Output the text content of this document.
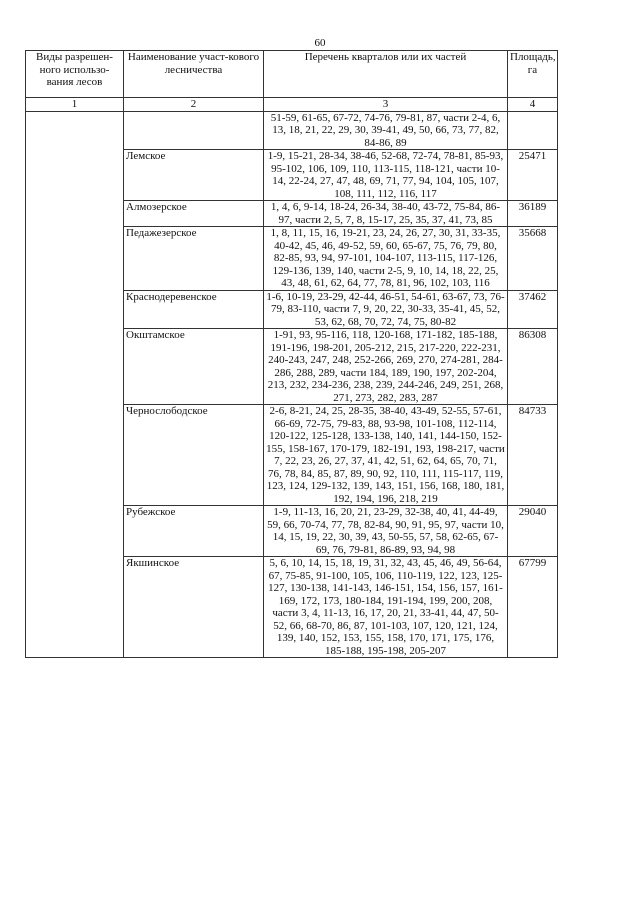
60
Виды разрешен-ного использо-вания лесов	Наименование участ-кового лесничества	Перечень кварталов или их частей	Площадь, га
1	2	3	4
		51-59, 61-65, 67-72, 74-76, 79-81, 87, части 2-4, 6, 13, 18, 21, 22, 29, 30, 39-41, 49, 50, 66, 73, 77, 82, 84-86, 89	
	Лемское	1-9, 15-21, 28-34, 38-46, 52-68, 72-74, 78-81, 85-93, 95-102, 106, 109, 110, 113-115, 118-121, части 10-14, 22-24, 27, 47, 48, 69, 71, 77, 94, 104, 105, 107, 108, 111, 112, 116, 117	25471
	Алмозерское	1, 4, 6, 9-14, 18-24, 26-34, 38-40, 43-72, 75-84, 86-97, части 2, 5, 7, 8, 15-17, 25, 35, 37, 41, 73, 85	36189
	Педажезерское	1, 8, 11, 15, 16, 19-21, 23, 24, 26, 27, 30, 31, 33-35, 40-42, 45, 46, 49-52, 59, 60, 65-67, 75, 76, 79, 80, 82-85, 93, 94, 97-101, 104-107, 113-115, 117-126, 129-136, 139, 140, части 2-5, 9, 10, 14, 18, 22, 25, 43, 48, 61, 62, 64, 77, 78, 81, 96, 102, 103, 116	35668
	Краснодеревенское	1-6, 10-19, 23-29, 42-44, 46-51, 54-61, 63-67, 73, 76-79, 83-110, части 7, 9, 20, 22, 30-33, 35-41, 45, 52, 53, 62, 68, 70, 72, 74, 75, 80-82	37462
	Окштамское	1-91, 93, 95-116, 118, 120-168, 171-182, 185-188, 191-196, 198-201, 205-212, 215, 217-220, 222-231, 240-243, 247, 248, 252-266, 269, 270, 274-281, 284-286, 288, 289, части 184, 189, 190, 197, 202-204, 213, 232, 234-236, 238, 239, 244-246, 249, 251, 268, 271, 273, 282, 283, 287	86308
	Чернослободское	2-6, 8-21, 24, 25, 28-35, 38-40, 43-49, 52-55, 57-61, 66-69, 72-75, 79-83, 88, 93-98, 101-108, 112-114, 120-122, 125-128, 133-138, 140, 141, 144-150, 152-155, 158-167, 170-179, 182-191, 193, 198-217, части 7, 22, 23, 26, 27, 37, 41, 42, 51, 62, 64, 65, 70, 71, 76, 78, 84, 85, 87, 89, 90, 92, 110, 111, 115-117, 119, 123, 124, 129-132, 139, 143, 151, 156, 168, 180, 181, 192, 194, 196, 218, 219	84733
	Рубежское	1-9, 11-13, 16, 20, 21, 23-29, 32-38, 40, 41, 44-49, 59, 66, 70-74, 77, 78, 82-84, 90, 91, 95, 97, части 10, 14, 15, 19, 22, 30, 39, 43, 50-55, 57, 58, 62-65, 67-69, 76, 79-81, 86-89, 93, 94, 98	29040
	Якшинское	5, 6, 10, 14, 15, 18, 19, 31, 32, 43, 45, 46, 49, 56-64, 67, 75-85, 91-100, 105, 106, 110-119, 122, 123, 125-127, 130-138, 141-143, 146-151, 154, 156, 157, 161-169, 172, 173, 180-184, 191-194, 199, 200, 208, части 3, 4, 11-13, 16, 17, 20, 21, 33-41, 44, 47, 50-52, 66, 68-70, 86, 87, 101-103, 107, 120, 121, 124, 139, 140, 152, 153, 155, 158, 170, 171, 175, 176, 185-188, 195-198, 205-207	67799
